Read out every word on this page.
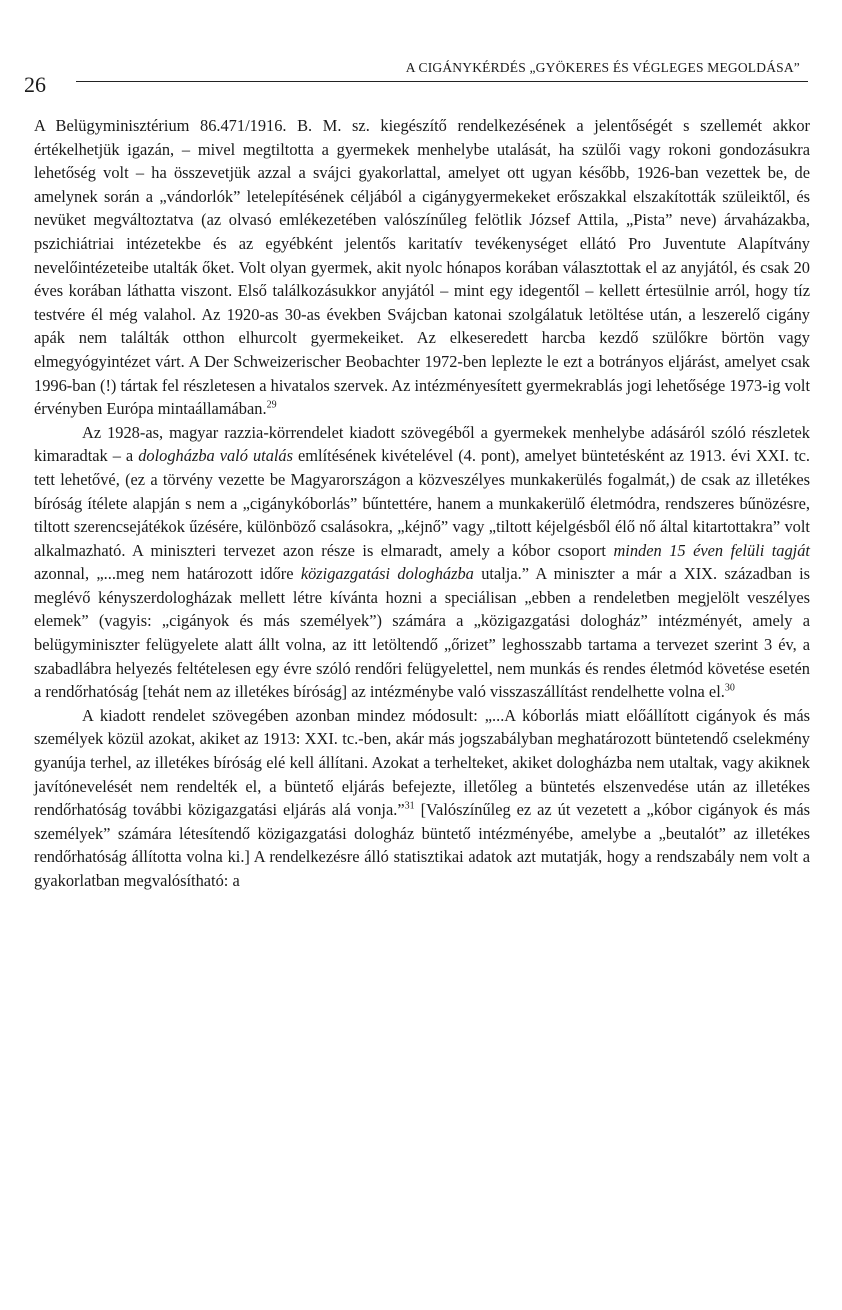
26
A CIGÁNYKÉRDÉS „GYÖKERES ÉS VÉGLEGES MEGOLDÁSA”

A Belügyminisztérium 86.471/1916. B. M. sz. kiegészítő rendelkezésének a jelentőségét s szellemét akkor értékelhetjük igazán, – mivel megtiltotta a gyermekek menhelybe utalását, ha szülői vagy rokoni gondozásukra lehetőség volt – ha összevetjük azzal a svájci gyakorlattal, amelyet ott ugyan később, 1926-ban vezettek be, de amelynek során a „vándorlók” letelepítésének céljából a cigánygyermekeket erőszakkal elszakították szüleiktől, és nevüket megváltoztatva (az olvasó emlékezetében valószínűleg felötlik József Attila, „Pista” neve) árvaházakba, pszichiátriai intézetekbe és az egyébként jelentős karitatív tevékenységet ellátó Pro Juventute Alapítvány nevelőintézeteibe utalták őket. Volt olyan gyermek, akit nyolc hónapos korában választottak el az anyjától, és csak 20 éves korában láthatta viszont. Első találkozásukkor anyjától – mint egy idegentől – kellett értesülnie arról, hogy tíz testvére él még valahol. Az 1920-as 30-as években Svájcban katonai szolgálatuk letöltése után, a leszerelő cigány apák nem találták otthon elhurcolt gyermekeiket. Az elkeseredett harcba kezdő szülőkre börtön vagy elmegyógyintézet várt. A Der Schweizerischer Beobachter 1972-ben leplezte le ezt a botrányos eljárást, amelyet csak 1996-ban (!) tártak fel részletesen a hivatalos szervek. Az intézményesített gyermekrablás jogi lehetősége 1973-ig volt érvényben Európa mintaállamában.$^{29}$

Az 1928-as, magyar razzia-körrendelet kiadott szövegéből a gyermekek menhelybe adásáról szóló részletek kimaradtak – a dologházba való utalás említésének kivételével (4. pont), amelyet büntetésként az 1913. évi XXI. tc. tett lehetővé, (ez a törvény vezette be Magyarországon a közveszélyes munkakerülés fogalmát,) de csak az illetékes bíróság ítélete alapján s nem a „cigánykóborlás” bűntettére, hanem a munkakerülő életmódra, rendszeres bűnözésre, tiltott szerencsejátékok űzésére, különböző csalásokra, „kéjnő” vagy „tiltott kéjelgésből élő nő által kitartottakra” volt alkalmazható. A miniszteri tervezet azon része is elmaradt, amely a kóbor csoport minden 15 éven felüli tagját azonnal, „...meg nem határozott időre közigazgatási dologházba utalja.” A miniszter a már a XIX. században is meglévő kényszerdologházak mellett létre kívánta hozni a speciálisan „ebben a rendeletben megjelölt veszélyes elemek” (vagyis: „cigányok és más személyek”) számára a „közigazgatási dologház” intézményét, amely a belügyminiszter felügyelete alatt állt volna, az itt letöltendő „őrizet” leghosszabb tartama a tervezet szerint 3 év, a szabadlábra helyezés feltételesen egy évre szóló rendőri felügyelettel, nem munkás és rendes életmód követése esetén a rendőrhatóság [tehát nem az illetékes bíróság] az intézménybe való visszaszállítást rendelhette volna el.$^{30}$

A kiadott rendelet szövegében azonban mindez módosult: „...A kóborlás miatt előállított cigányok és más személyek közül azokat, akiket az 1913: XXI. tc.-ben, akár más jogszabályban meghatározott büntetendő cselekmény gyanúja terhel, az illetékes bíróság elé kell állítani. Azokat a terhelteket, akiket dologházba nem utaltak, vagy akiknek javítónevelését nem rendelték el, a büntető eljárás befejezte, illetőleg a büntetés elszenvedése után az illetékes rendőrhatóság további közigazgatási eljárás alá vonja.”$^{31}$ [Valószínűleg ez az út vezetett a „kóbor cigányok és más személyek” számára létesítendő közigazgatási dologház büntető intézményébe, amelybe a „beutalót” az illetékes rendőrhatóság állította volna ki.] A rendelkezésre álló statisztikai adatok azt mutatják, hogy a rendszabály nem volt a gyakorlatban megvalósítható: a
